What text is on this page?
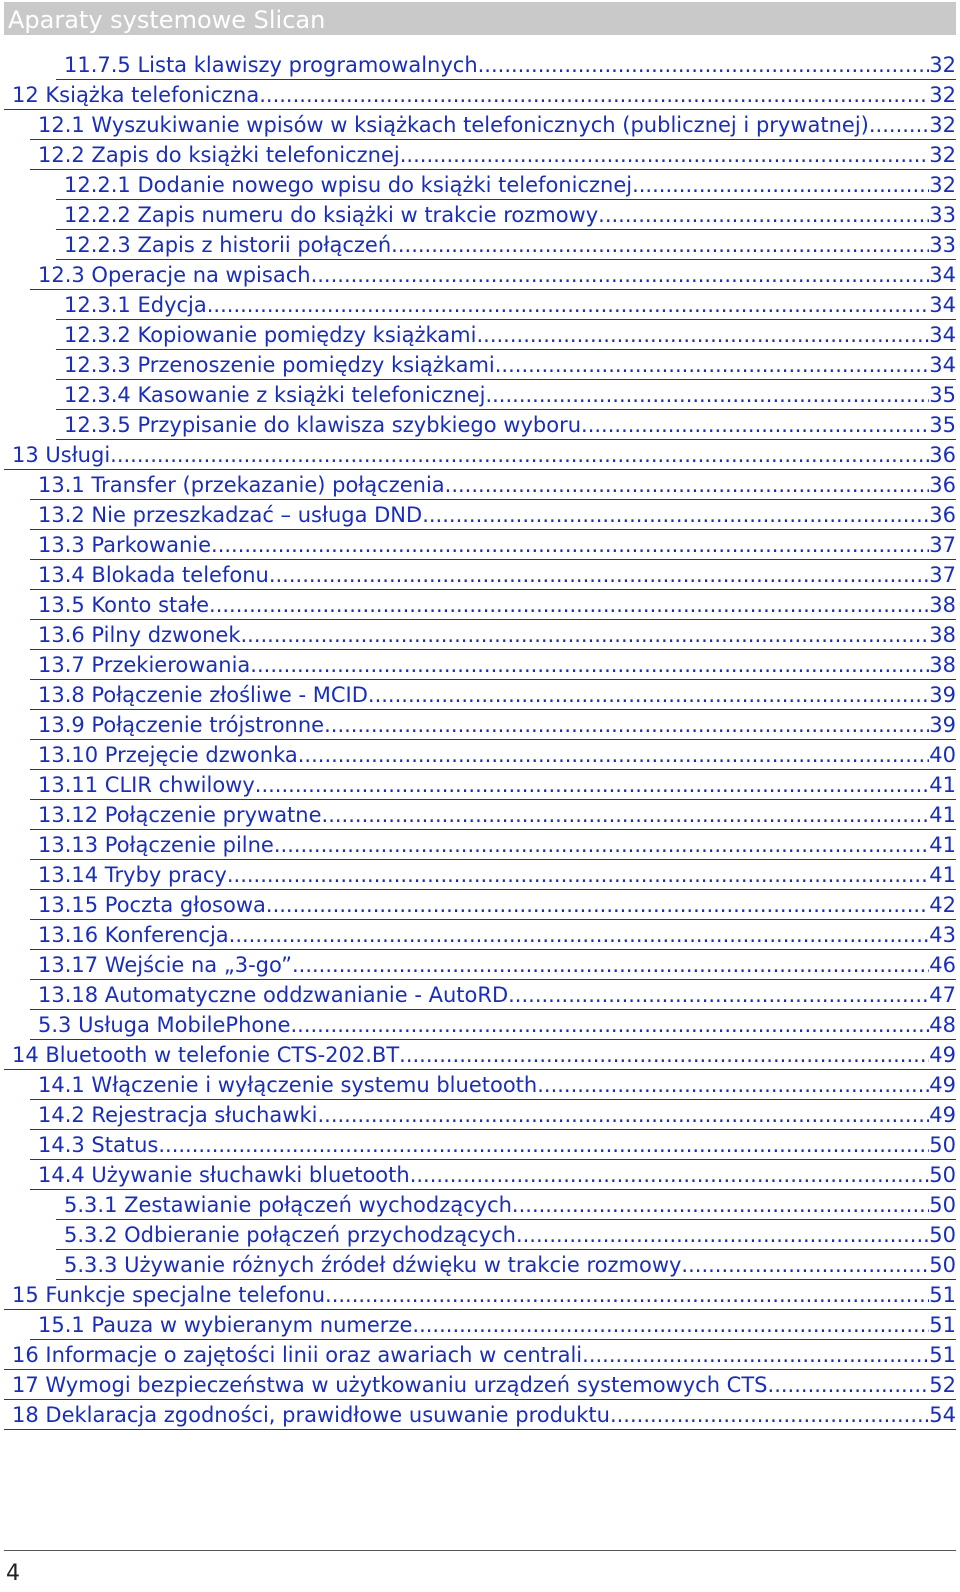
Aparaty systemowe Slican
11.7.5 Lista klawiszy programowalnych .....	32
12 Książka telefoniczna .....	32
12.1 Wyszukiwanie wpisów w książkach telefonicznych (publicznej i prywatnej) .....	32
12.2 Zapis do książki telefonicznej .....	32
12.2.1 Dodanie nowego wpisu do książki telefonicznej .....	32
12.2.2 Zapis numeru do książki w trakcie rozmowy .....	33
12.2.3 Zapis z historii połączeń .....	33
12.3 Operacje na wpisach .....	34
12.3.1 Edycja .....	34
12.3.2 Kopiowanie pomiędzy książkami .....	34
12.3.3 Przenoszenie pomiędzy książkami .....	34
12.3.4 Kasowanie z książki telefonicznej .....	35
12.3.5 Przypisanie do klawisza szybkiego wyboru .....	35
13 Usługi .....	36
13.1 Transfer (przekazanie) połączenia .....	36
13.2 Nie przeszkadzać – usługa DND .....	36
13.3 Parkowanie .....	37
13.4 Blokada telefonu .....	37
13.5 Konto stałe .....	38
13.6 Pilny dzwonek .....	38
13.7 Przekierowania .....	38
13.8 Połączenie złośliwe - MCID .....	39
13.9 Połączenie trójstronne .....	39
13.10 Przejęcie dzwonka .....	40
13.11 CLIR chwilowy .....	41
13.12 Połączenie prywatne .....	41
13.13 Połączenie pilne .....	41
13.14 Tryby pracy .....	41
13.15 Poczta głosowa .....	42
13.16 Konferencja .....	43
13.17 Wejście na „3-go” .....	46
13.18 Automatyczne oddzwanianie - AutoRD .....	47
5.3 Usługa MobilePhone .....	48
14 Bluetooth w telefonie CTS-202.BT .....	49
14.1 Włączenie i wyłączenie systemu bluetooth .....	49
14.2 Rejestracja słuchawki .....	49
14.3 Status .....	50
14.4 Używanie słuchawki bluetooth .....	50
5.3.1 Zestawianie połączeń wychodzących .....	50
5.3.2 Odbieranie połączeń przychodzących .....	50
5.3.3 Używanie różnych źródeł dźwięku w trakcie rozmowy .....	50
15 Funkcje specjalne telefonu .....	51
15.1 Pauza w wybieranym numerze .....	51
16 Informacje o zajętości linii oraz awariach w centrali .....	51
17 Wymogi bezpieczeństwa w użytkowaniu urządzeń systemowych CTS .....	52
18 Deklaracja zgodności, prawidłowe usuwanie produktu .....	54
4
